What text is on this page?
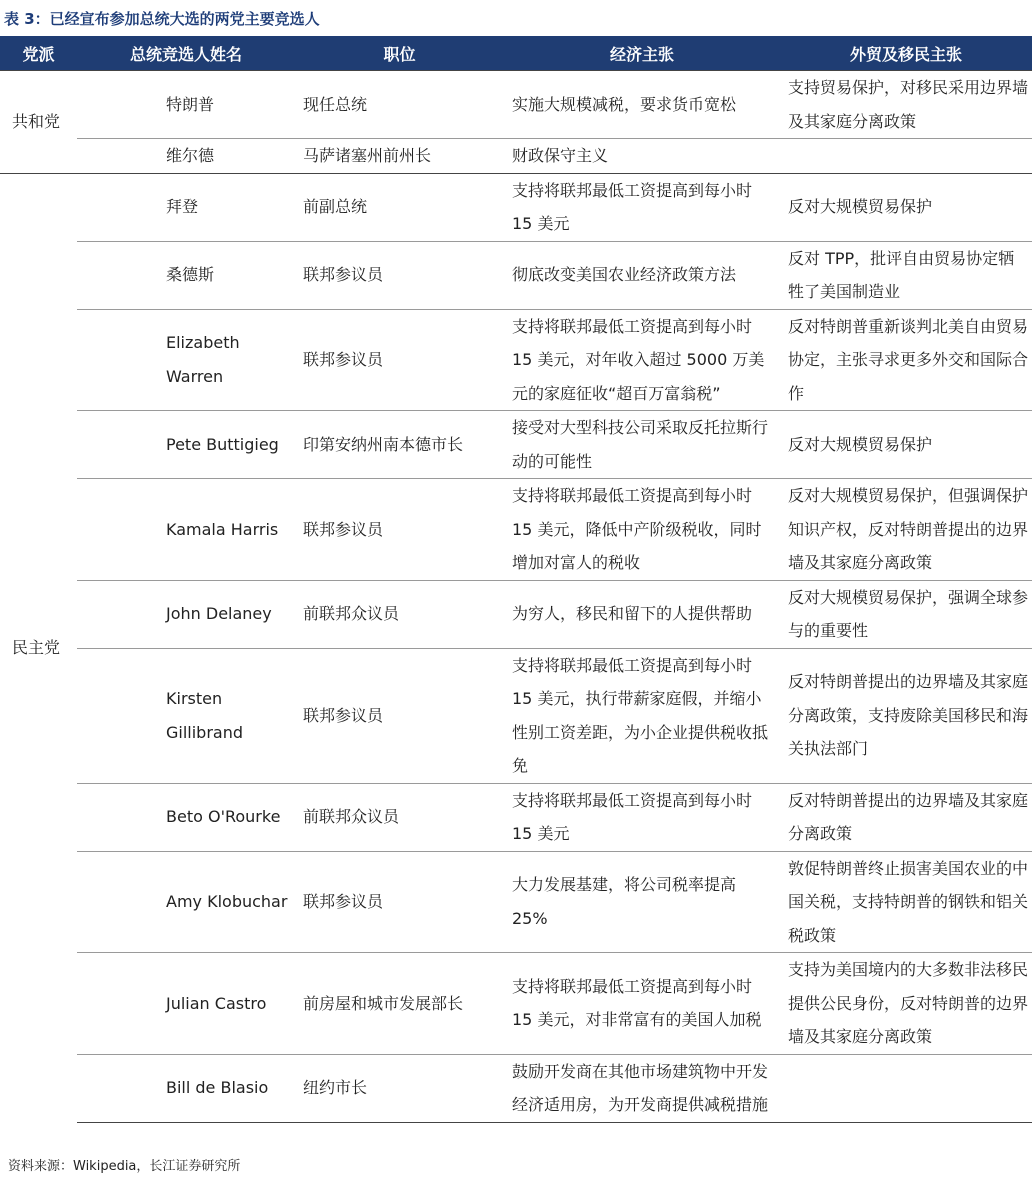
表 3：已经宣布参加总统大选的两党主要竞选人
党派	总统竞选人姓名	职位	经济主张	外贸及移民主张
共和党	特朗普	现任总统	实施大规模减税，要求货币宽松	支持贸易保护，对移民采用边界墙及其家庭分离政策
	维尔德	马萨诸塞州前州长	财政保守主义	
民主党	拜登	前副总统	支持将联邦最低工资提高到每小时 15 美元	反对大规模贸易保护
	桑德斯	联邦参议员	彻底改变美国农业经济政策方法	反对 TPP，批评自由贸易协定牺牲了美国制造业
	Elizabeth Warren	联邦参议员	支持将联邦最低工资提高到每小时 15 美元，对年收入超过 5000 万美元的家庭征收“超百万富翁税”	反对特朗普重新谈判北美自由贸易协定，主张寻求更多外交和国际合作
	Pete Buttigieg	印第安纳州南本德市长	接受对大型科技公司采取反托拉斯行动的可能性	反对大规模贸易保护
	Kamala Harris	联邦参议员	支持将联邦最低工资提高到每小时 15 美元，降低中产阶级税收，同时增加对富人的税收	反对大规模贸易保护，但强调保护知识产权，反对特朗普提出的边界墙及其家庭分离政策
	John Delaney	前联邦众议员	为穷人，移民和留下的人提供帮助	反对大规模贸易保护，强调全球参与的重要性
	Kirsten Gillibrand	联邦参议员	支持将联邦最低工资提高到每小时 15 美元，执行带薪家庭假，并缩小性别工资差距，为小企业提供税收抵免	反对特朗普提出的边界墙及其家庭分离政策，支持废除美国移民和海关执法部门
	Beto O'Rourke	前联邦众议员	支持将联邦最低工资提高到每小时 15 美元	反对特朗普提出的边界墙及其家庭分离政策
	Amy Klobuchar	联邦参议员	大力发展基建，将公司税率提高 25%	敦促特朗普终止损害美国农业的中国关税，支持特朗普的钢铁和铝关税政策
	Julian Castro	前房屋和城市发展部长	支持将联邦最低工资提高到每小时 15 美元，对非常富有的美国人加税	支持为美国境内的大多数非法移民提供公民身份，反对特朗普的边界墙及其家庭分离政策
	Bill de Blasio	纽约市长	鼓励开发商在其他市场建筑物中开发经济适用房，为开发商提供减税措施	
资料来源：Wikipedia，长江证券研究所
